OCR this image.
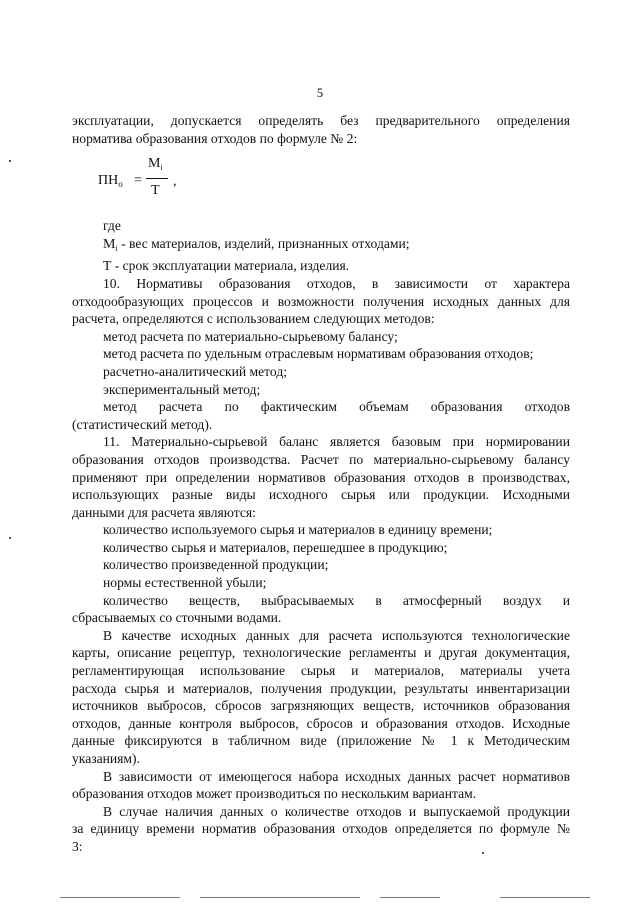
5

эксплуатации, допускается определять без предварительного определения

норматива образования отходов по формуле № 2:

$ПН_о$ =
$М_i$
Т
,

где

$М_i$ - вес материалов, изделий, признанных отходами;

Т - срок эксплуатации материала, изделия.

10. Нормативы образования отходов, в зависимости от характера

отходообразующих процессов и возможности получения исходных данных для

расчета, определяются с использованием следующих методов:

метод расчета по материально-сырьевому балансу;

метод расчета по удельным отраслевым нормативам образования отходов;

расчетно-аналитический метод;

экспериментальный метод;

метод расчета по фактическим объемам образования отходов

(статистический метод).

11. Материально-сырьевой баланс является базовым при нормировании

образования отходов производства. Расчет по материально-сырьевому балансу

применяют при определении нормативов образования отходов в производствах,

использующих разные виды исходного сырья или продукции. Исходными

данными для расчета являются:

количество используемого сырья и материалов в единицу времени;

количество сырья и материалов, перешедшее в продукцию;

количество произведенной продукции;

нормы естественной убыли;

количество веществ, выбрасываемых в атмосферный воздух и

сбрасываемых со сточными водами.

В качестве исходных данных для расчета используются технологические

карты, описание рецептур, технологические регламенты и другая документация,

регламентирующая использование сырья и материалов, материалы учета

расхода сырья и материалов, получения продукции, результаты инвентаризации

источников выбросов, сбросов загрязняющих веществ, источников образования

отходов, данные контроля выбросов, сбросов и образования отходов. Исходные

данные фиксируются в табличном виде (приложение № 1 к Методическим

указаниям).

В зависимости от имеющегося набора исходных данных расчет нормативов

образования отходов может производиться по нескольким вариантам.

В случае наличия данных о количестве отходов и выпускаемой продукции

за единицу времени норматив образования отходов определяется по формуле №

3:
